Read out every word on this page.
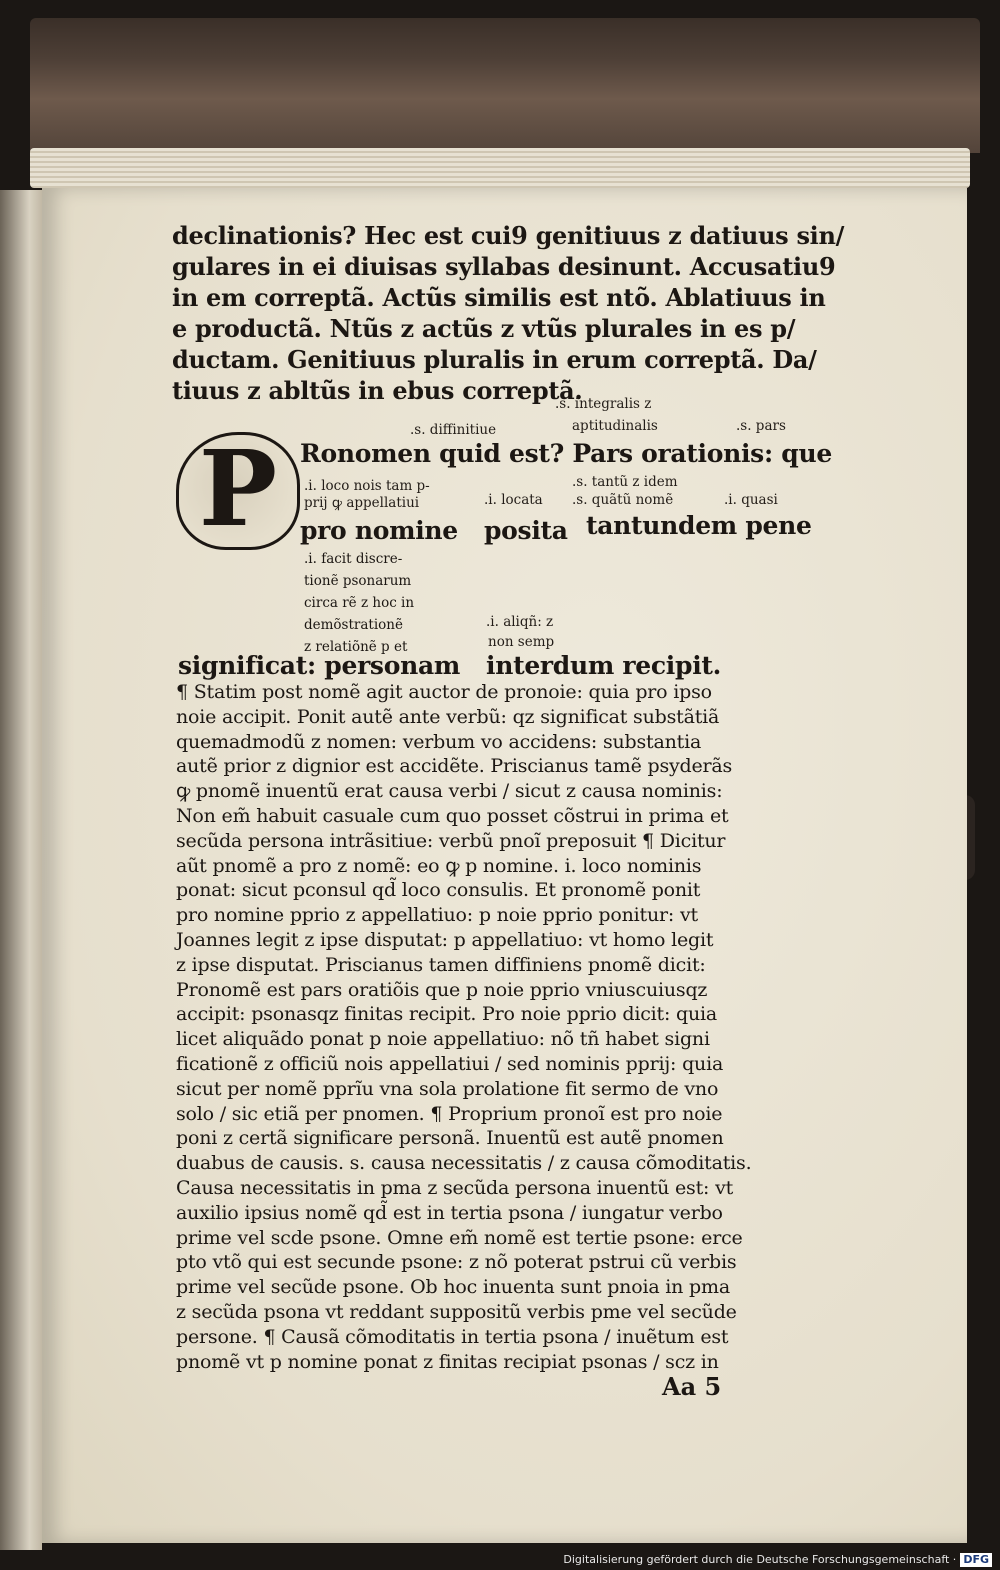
declinationis? Hec est cui9 genitiuus z datiuus sin/
gulares in ei diuisas syllabas desinunt. Accusatiu9
in em correptã. Actũs similis est ntõ. Ablatiuus in
e productã. Ntũs z actũs z vtũs plurales in es p/
ductam. Genitiuus pluralis in erum correptã. Da/
tiuus z abltũs in ebus correptã.
.s. integralis z
.s. diffinitiue	aptitudinalis	.s. pars
P Ronomen quid est? Pars orationis: que
.i. loco nois tam p-
prij ꝙ appellatiui	.i. locata
.s. tantũ z idem
.s. quãtũ nomẽ	.i. quasi
pro nomine posita tantundem pene
.i. facit discre-
tionẽ psonarum
circa rẽ z hoc in
demõstrationẽ
z relatiõnẽ p et
.i. aliqñ: z
non semp
significat: personam interdum recipit.

¶ Statim post nomẽ agit auctor de pronoie: quia pro ipso

noie accipit. Ponit autẽ ante verbũ: qz significat substãtiã

quemadmodũ z nomen: verbum vo accidens: substantia

autẽ prior z dignior est accidẽte. Priscianus tamẽ psyderãs

ꝙ pnomẽ inuentũ erat causa verbi / sicut z causa nominis:

Non em̃ habuit casuale cum quo posset cõstrui in prima et

secũda persona intrãsitiue: verbũ pnoĩ preposuit ¶ Dicitur

aũt pnomẽ a pro z nomẽ: eo ꝙ p nomine. i. loco nominis

ponat: sicut pconsul qd̃ loco consulis. Et pronomẽ ponit

pro nomine pprio z appellatiuo: p noie pprio ponitur: vt

Joannes legit z ipse disputat: p appellatiuo: vt homo legit

z ipse disputat. Priscianus tamen diffiniens pnomẽ dicit:

Pronomẽ est pars oratiõis que p noie pprio vniuscuiusqz

accipit: psonasqz finitas recipit. Pro noie pprio dicit: quia

licet aliquãdo ponat p noie appellatiuo: nõ tñ habet signi

ficationẽ z officiũ nois appellatiui / sed nominis pprij: quia

sicut per nomẽ pprĩu vna sola prolatione fit sermo de vno

solo / sic etiã per pnomen. ¶ Proprium pronoĩ est pro noie

poni z certã significare personã. Inuentũ est autẽ pnomen

duabus de causis. s. causa necessitatis / z causa cõmoditatis.

Causa necessitatis in pma z secũda persona inuentũ est: vt

auxilio ipsius nomẽ qd̃ est in tertia psona / iungatur verbo

prime vel scde psone. Omne em̃ nomẽ est tertie psone: erce

pto vtõ qui est secunde psone: z nõ poterat pstrui cũ verbis

prime vel secũde psone. Ob hoc inuenta sunt pnoia in pma

z secũda psona vt reddant suppositũ verbis pme vel secũde

persone. ¶ Causã cõmoditatis in tertia psona / inuẽtum est

pnomẽ vt p nomine ponat z finitas recipiat psonas / scz in

Aa 5
Digitalisierung gefördert durch die Deutsche Forschungsgemeinschaft · DFG
